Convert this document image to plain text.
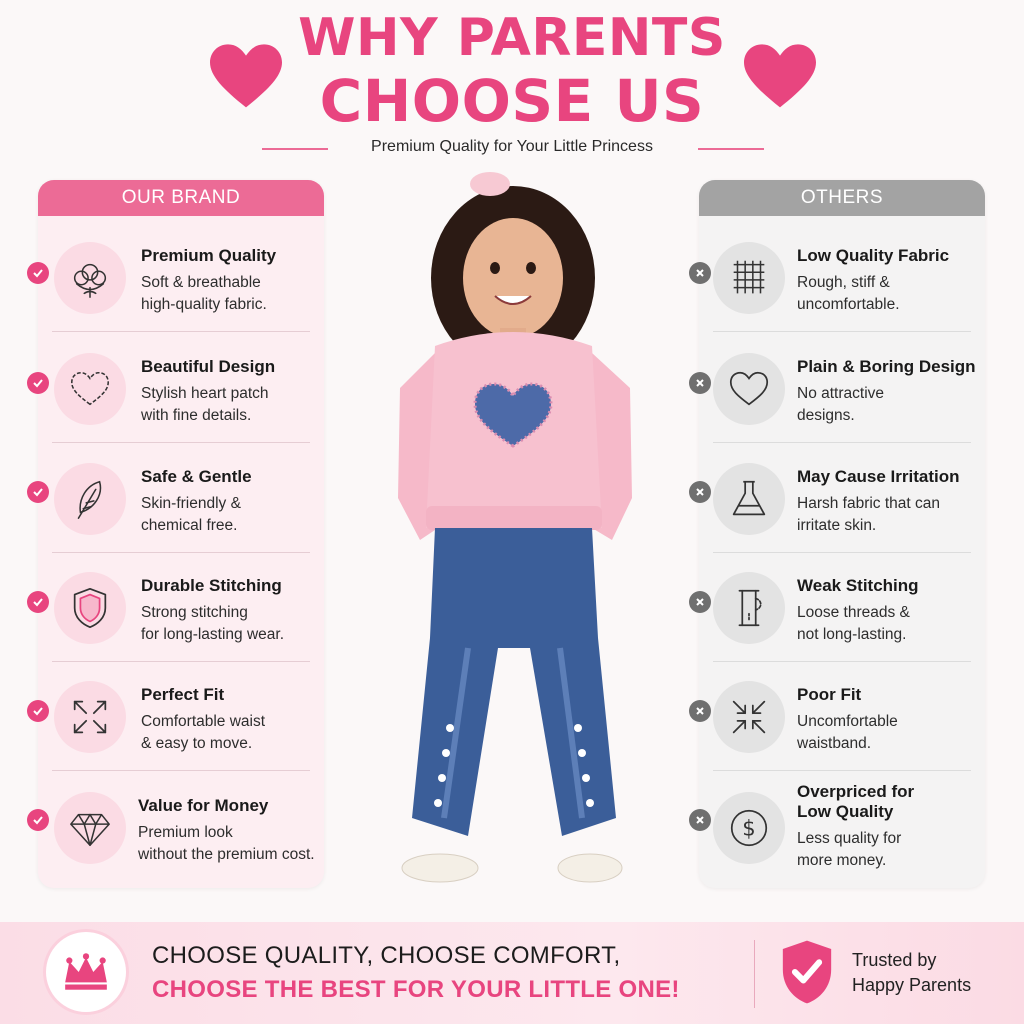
WHY PARENTS
CHOOSE US
Premium Quality for Your Little Princess
OUR BRAND
Premium Quality
Soft & breathable
high-quality fabric.
Beautiful Design
Stylish heart patch
with fine details.
Safe & Gentle
Skin-friendly &
chemical free.
Durable Stitching
Strong stitching
for long-lasting wear.
Perfect Fit
Comfortable waist
& easy to move.
Value for Money
Premium look
without the premium cost.
OTHERS
Low Quality Fabric
Rough, stiff &
uncomfortable.
Plain & Boring Design
No attractive
designs.
May Cause Irritation
Harsh fabric that can
irritate skin.
Weak Stitching
Loose threads &
not long-lasting.
Poor Fit
Uncomfortable
waistband.
$
Overpriced for
Low Quality
Less quality for
more money.
CHOOSE QUALITY, CHOOSE COMFORT,
CHOOSE THE BEST FOR YOUR LITTLE ONE!
Trusted by
Happy Parents
